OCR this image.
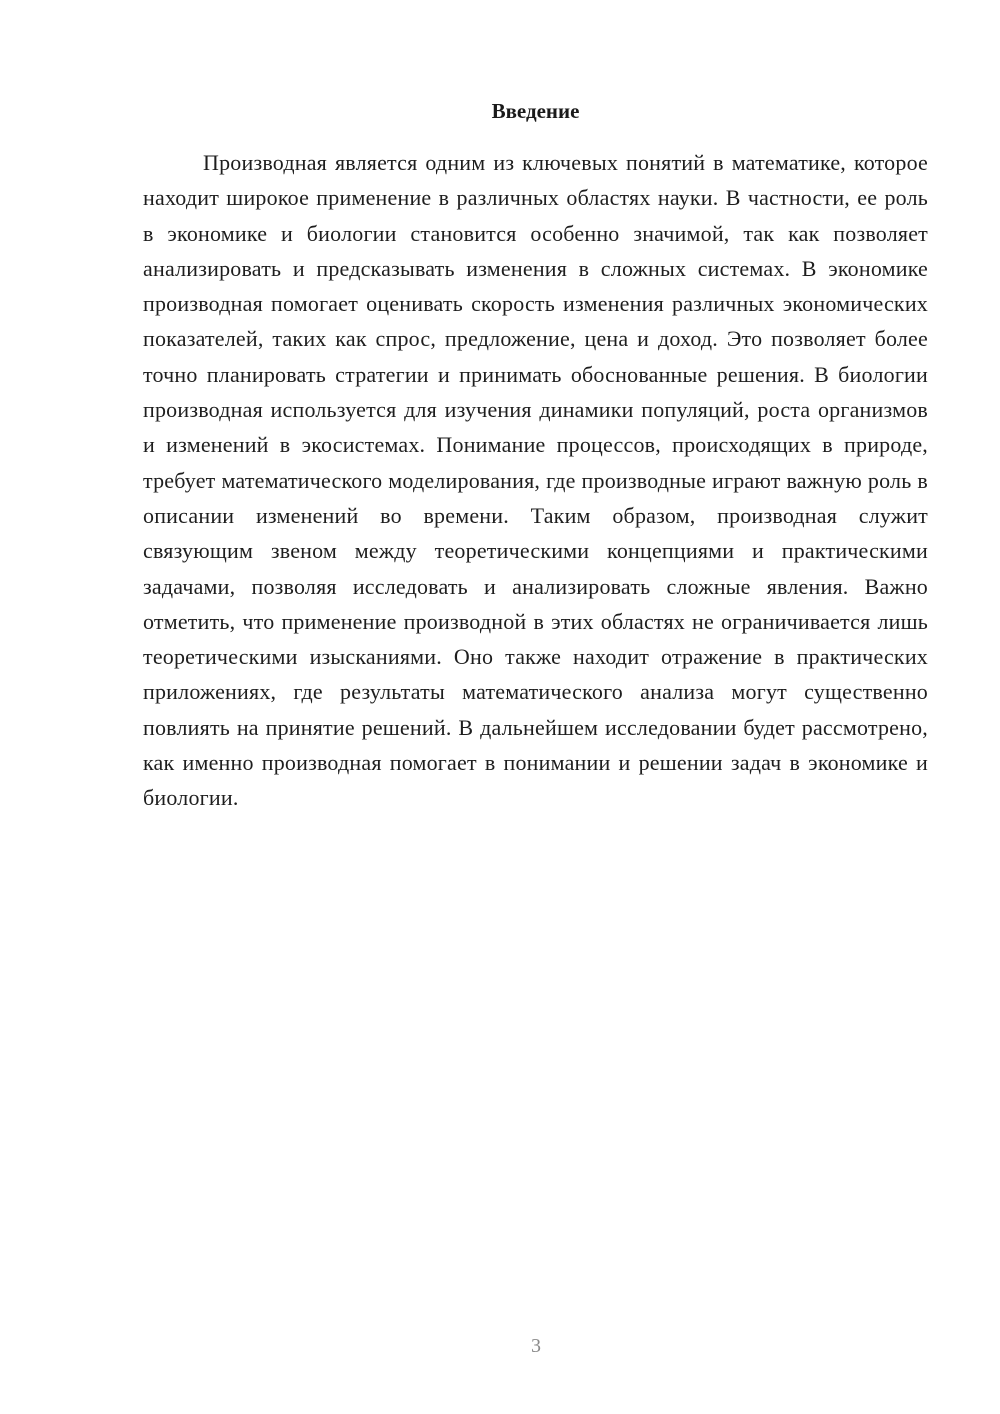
Введение

Производная является одним из ключевых понятий в математике, которое находит широкое применение в различных областях науки. В частности, ее роль в экономике и биологии становится особенно значимой, так как позволяет анализировать и предсказывать изменения в сложных системах. В экономике производная помогает оценивать скорость изменения различных экономических показателей, таких как спрос, предложение, цена и доход. Это позволяет более точно планировать стратегии и принимать обоснованные решения. В биологии производная используется для изучения динамики популяций, роста организмов и изменений в экосистемах. Понимание процессов, происходящих в природе, требует математического моделирования, где производные играют важную роль в описании изменений во времени. Таким образом, производная служит связующим звеном между теоретическими концепциями и практическими задачами, позволяя исследовать и анализировать сложные явления. Важно отметить, что применение производной в этих областях не ограничивается лишь теоретическими изысканиями. Оно также находит отражение в практических приложениях, где результаты математического анализа могут существенно повлиять на принятие решений. В дальнейшем исследовании будет рассмотрено, как именно производная помогает в понимании и решении задач в экономике и биологии.

3
